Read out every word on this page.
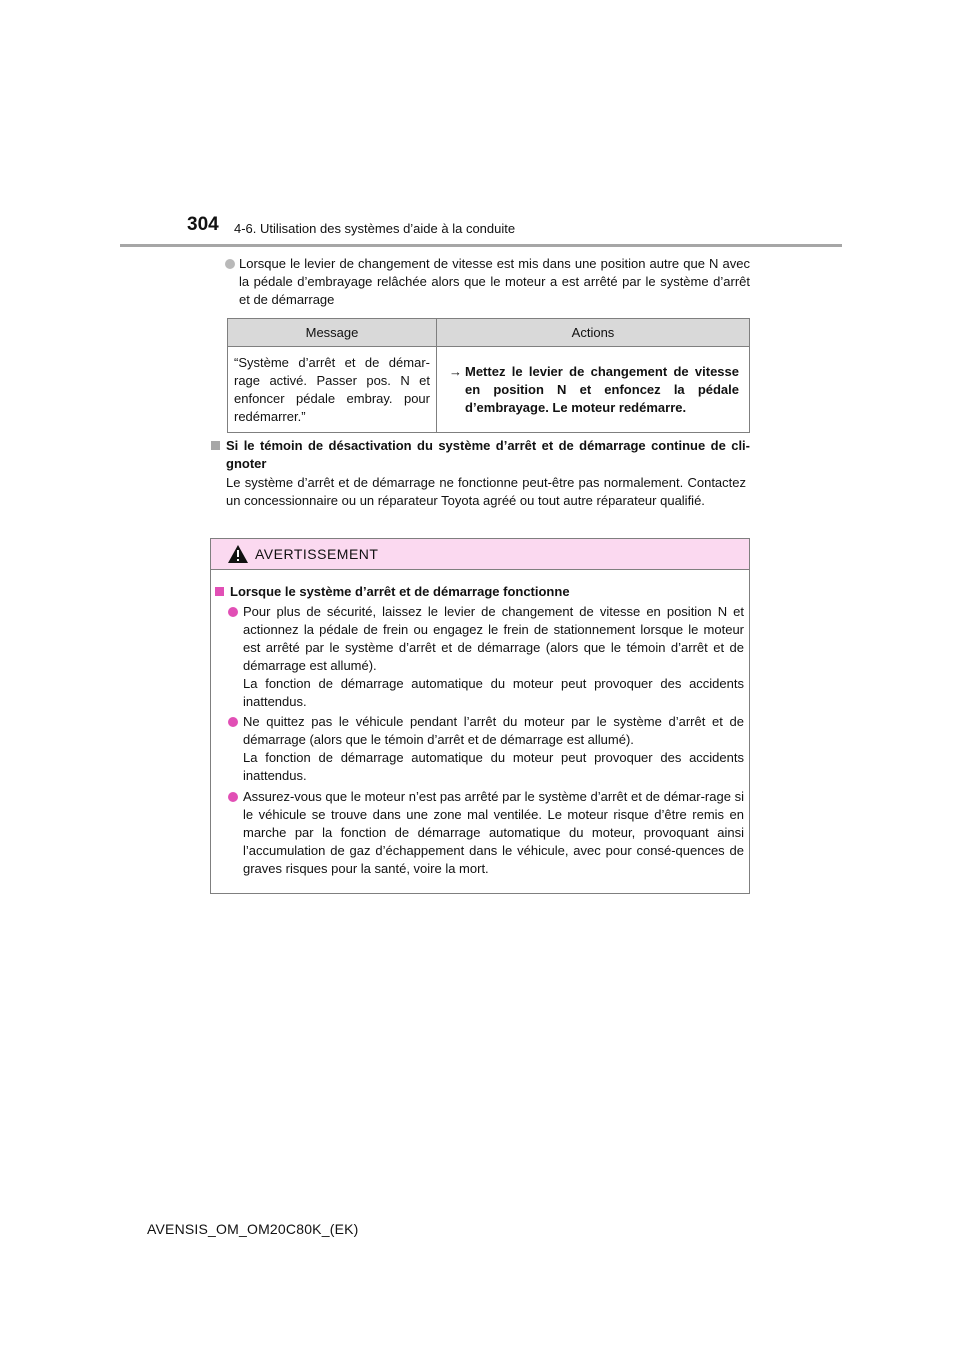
304 4-6. Utilisation des systèmes d’aide à la conduite
Lorsque le levier de changement de vitesse est mis dans une position autre que N avec la pédale d’embrayage relâchée alors que le moteur a est arrêté par le système d’arrêt et de démarrage
Message	Actions

“Système d’arrêt et de démar-rage activé. Passer pos. N et enfoncer pédale embray. pour redémarrer.”	→ Mettez le levier de changement de vitesse en position N et enfoncez la pédale d’embrayage. Le moteur redémarre.
Si le témoin de désactivation du système d’arrêt et de démarrage continue de cli-gnoter
Le système d’arrêt et de démarrage ne fonctionne peut-être pas normalement. Contactez un concessionnaire ou un réparateur Toyota agréé ou tout autre réparateur qualifié.
AVERTISSEMENT
Lorsque le système d’arrêt et de démarrage fonctionne
Pour plus de sécurité, laissez le levier de changement de vitesse en position N et actionnez la pédale de frein ou engagez le frein de stationnement lorsque le moteur est arrêté par le système d’arrêt et de démarrage (alors que le témoin d’arrêt et de démarrage est allumé).
La fonction de démarrage automatique du moteur peut provoquer des accidents inattendus.
Ne quittez pas le véhicule pendant l’arrêt du moteur par le système d’arrêt et de démarrage (alors que le témoin d’arrêt et de démarrage est allumé).
La fonction de démarrage automatique du moteur peut provoquer des accidents inattendus.
Assurez-vous que le moteur n’est pas arrêté par le système d’arrêt et de démar-rage si le véhicule se trouve dans une zone mal ventilée. Le moteur risque d’être remis en marche par la fonction de démarrage automatique du moteur, provoquant ainsi l’accumulation de gaz d’échappement dans le véhicule, avec pour consé-quences de graves risques pour la santé, voire la mort.
AVENSIS_OM_OM20C80K_(EK)
